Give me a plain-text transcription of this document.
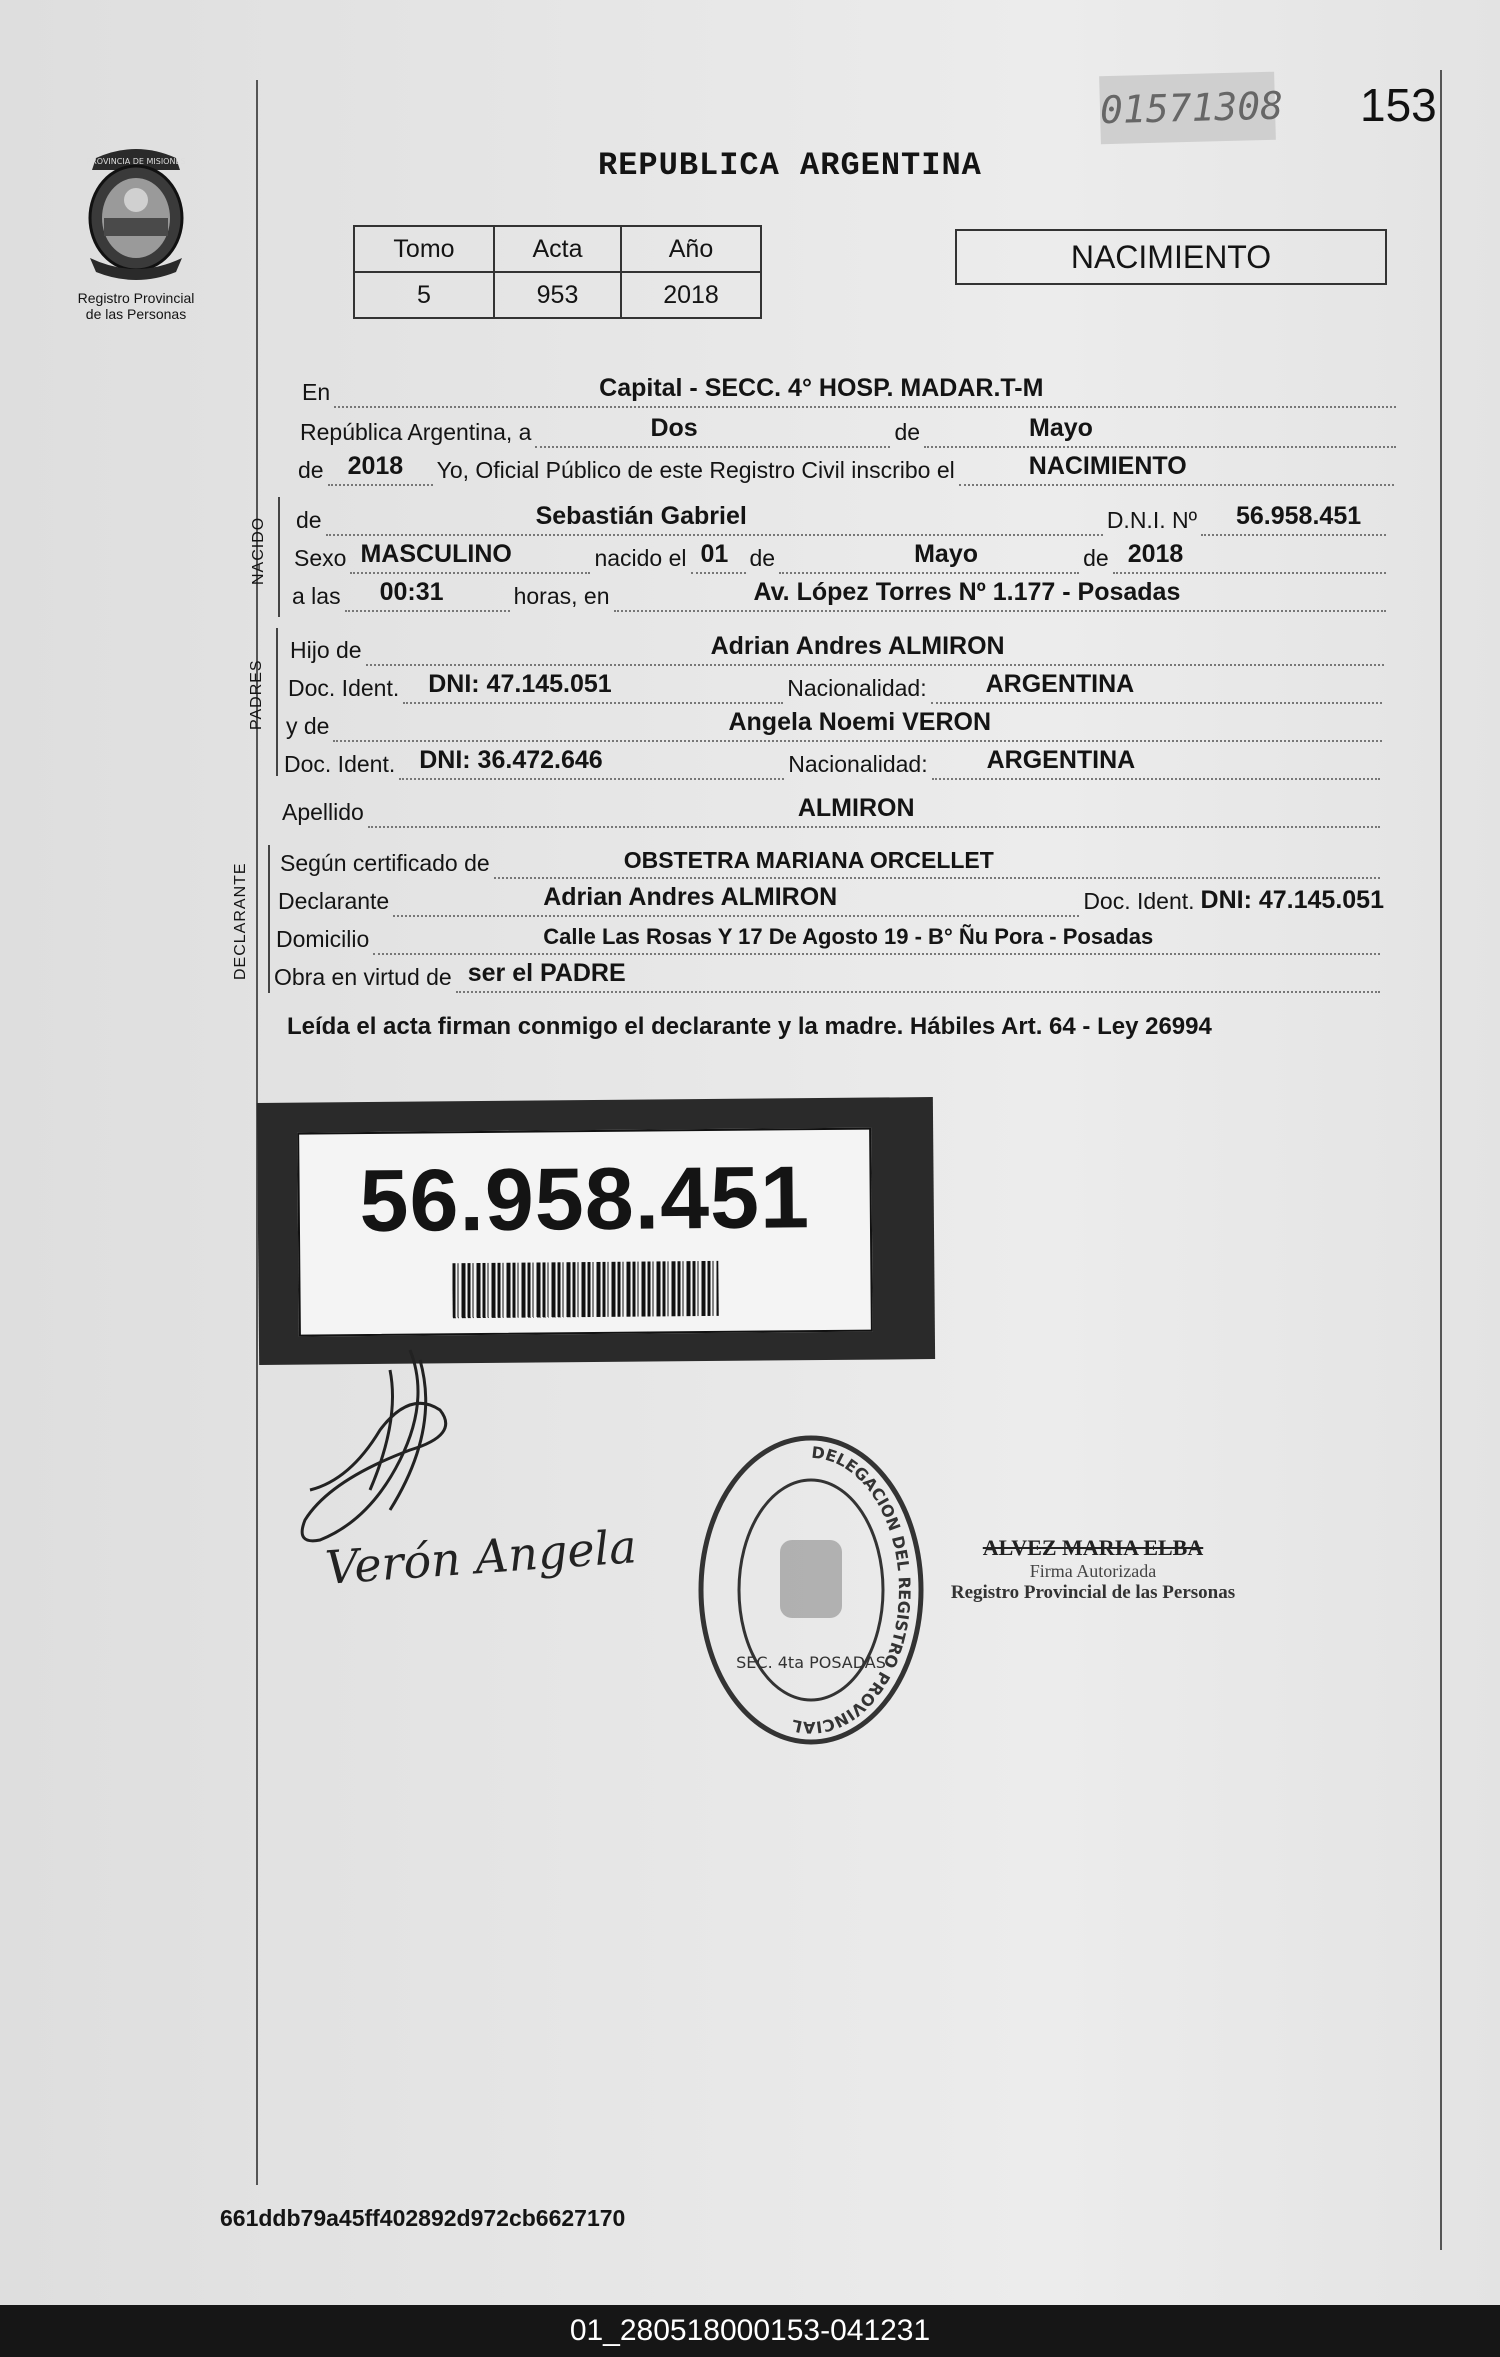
01571308 153
REPUBLICA ARGENTINA
PROVINCIA DE MISIONES
Registro Provincial
de las Personas
Tomo	Acta	Año
5	953	2018
NACIMIENTO
En	Capital - SECC. 4° HOSP. MADAR.T-M
República Argentina, a	Dos	de	Mayo
de 2018 Yo, Oficial Público de este Registro Civil inscribo el	NACIMIENTO
NACIDO de	Sebastián Gabriel	D.N.I. Nº 56.958.451
Sexo MASCULINO	nacido el 01 de	Mayo	de 2018
a las 00:31	horas, en	Av. López Torres Nº 1.177 - Posadas
PADRES
Hijo de	Adrian Andres ALMIRON
Doc. Ident. DNI: 47.145.051	Nacionalidad: ARGENTINA
y de	Angela Noemi VERON
Doc. Ident. DNI: 36.472.646	Nacionalidad: ARGENTINA
Apellido	ALMIRON
DECLARANTE Según certificado de	OBSTETRA MARIANA ORCELLET
Declarante	Adrian Andres ALMIRON	Doc. Ident. DNI: 47.145.051
Domicilio	Calle Las Rosas Y 17 De Agosto 19 - B° Ñu Pora - Posadas
Obra en virtud de ser el PADRE
Leída el acta firman conmigo el declarante y la madre. Hábiles Art. 64 - Ley 26994
56.958.451
Verón Angela
DELEGACION DEL REGISTRO PROVINCIAL
SEC. 4ta POSADAS
ALVEZ MARIA ELBA
Firma Autorizada
Registro Provincial de las Personas
661ddb79a45ff402892d972cb6627170
01_280518000153-041231
